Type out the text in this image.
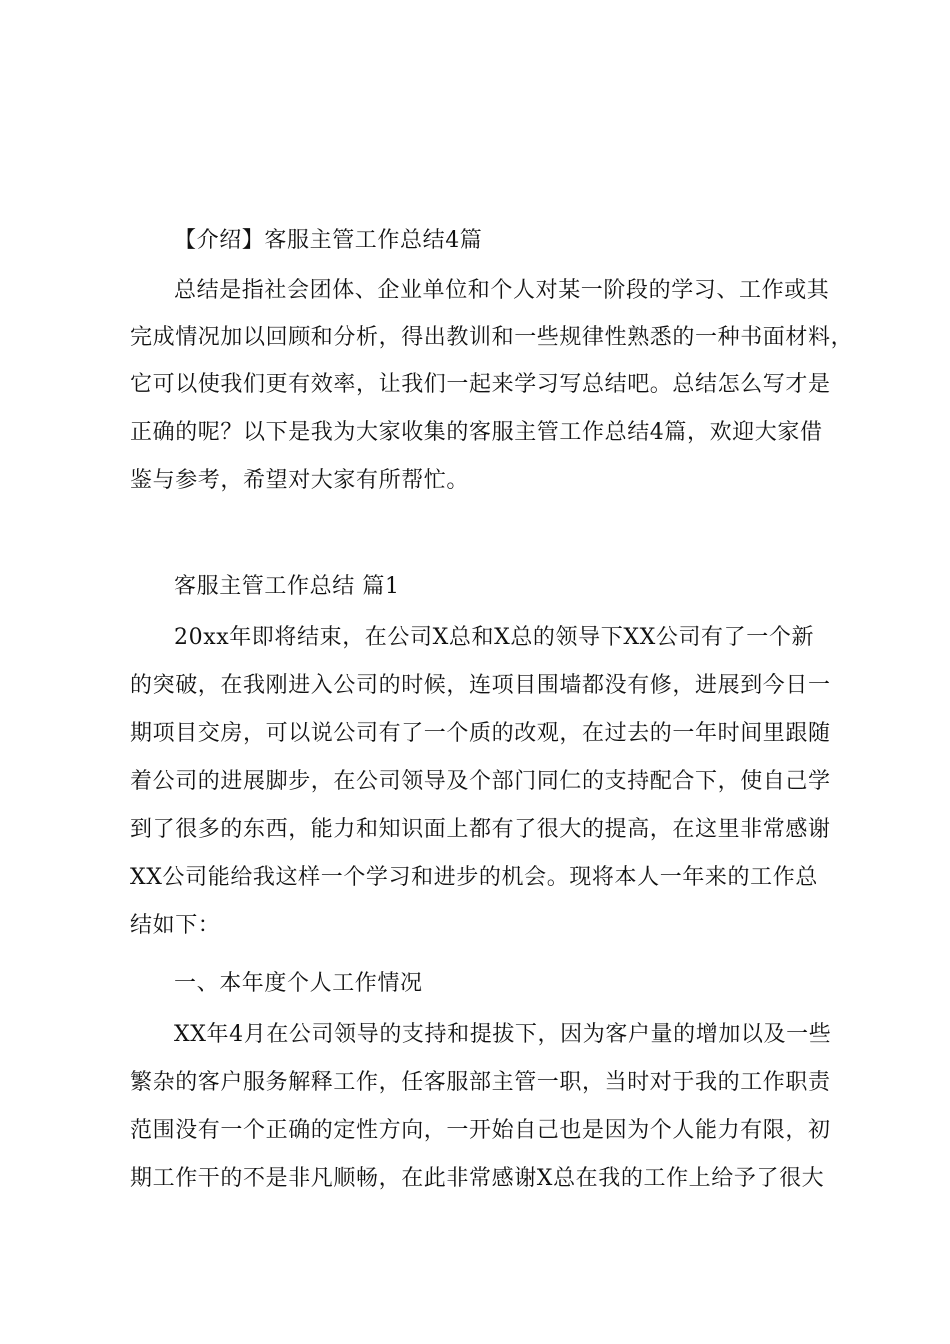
【介绍】客服主管工作总结4篇
总结是指社会团体、企业单位和个人对某一阶段的学习、工作或其
完成情况加以回顾和分析，得出教训和一些规律性熟悉的一种书面材料，
它可以使我们更有效率，让我们一起来学习写总结吧。总结怎么写才是
正确的呢？以下是我为大家收集的客服主管工作总结4篇，欢迎大家借
鉴与参考，希望对大家有所帮忙。
客服主管工作总结 篇1
20xx年即将结束，在公司X总和X总的领导下XX公司有了一个新
的突破，在我刚进入公司的时候，连项目围墙都没有修，进展到今日一
期项目交房，可以说公司有了一个质的改观，在过去的一年时间里跟随
着公司的进展脚步，在公司领导及个部门同仁的支持配合下，使自己学
到了很多的东西，能力和知识面上都有了很大的提高，在这里非常感谢
XX公司能给我这样一个学习和进步的机会。现将本人一年来的工作总
结如下：
一、本年度个人工作情况
XX年4月在公司领导的支持和提拔下，因为客户量的增加以及一些
繁杂的客户服务解释工作，任客服部主管一职，当时对于我的工作职责
范围没有一个正确的定性方向，一开始自己也是因为个人能力有限，初
期工作干的不是非凡顺畅，在此非常感谢X总在我的工作上给予了很大
